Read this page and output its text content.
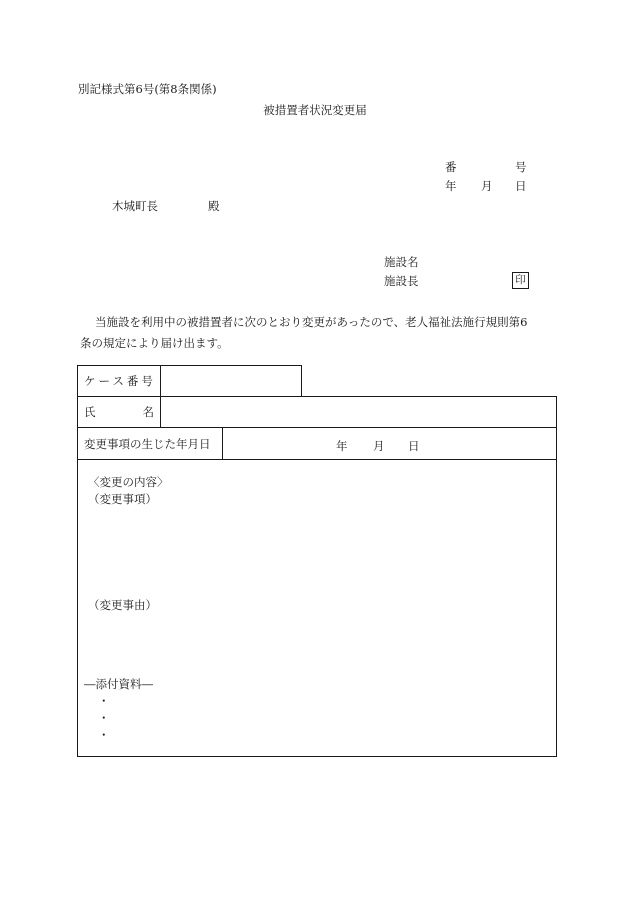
別記様式第6号(第8条関係)
被措置者状況変更届
番	号
年 月 日
木城町長	殿
施設名
施設長	印

当施設を利用中の被措置者に次のとおり変更があったので、老人福祉法施行規則第6

条の規定により届け出ます。

ケース番号
氏	名
変更事項の生じた年月日	年 月 日
〈変更の内容〉
（変更事項）
（変更事由）
―添付資料―
・
・
・
